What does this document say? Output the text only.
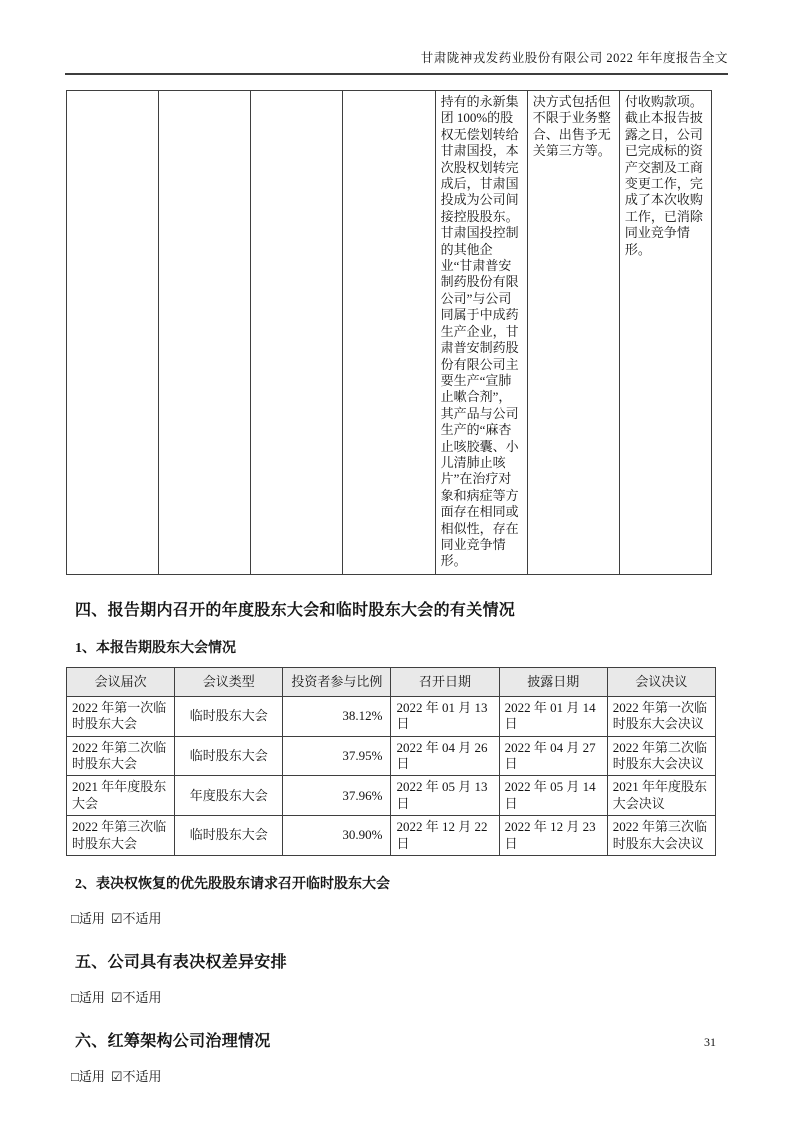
甘肃陇神戎发药业股份有限公司 2022 年年度报告全文
				持有的永新集团 100%的股权无偿划转给甘肃国投，本次股权划转完成后，甘肃国投成为公司间接控股股东。甘肃国投控制的其他企业“甘肃普安制药股份有限公司”与公司同属于中成药生产企业，甘肃普安制药股份有限公司主要生产“宣肺止嗽合剂”，其产品与公司生产的“麻杏止咳胶囊、小儿清肺止咳片”在治疗对象和病症等方面存在相同或相似性，存在同业竞争情形。	决方式包括但不限于业务整合、出售予无关第三方等。	付收购款项。截止本报告披露之日，公司已完成标的资产交割及工商变更工作，完成了本次收购工作，已消除同业竞争情形。
四、报告期内召开的年度股东大会和临时股东大会的有关情况
1、本报告期股东大会情况
会议届次	会议类型	投资者参与比例	召开日期	披露日期	会议决议
2022 年第一次临时股东大会	临时股东大会	38.12%	2022 年 01 月 13 日	2022 年 01 月 14 日	2022 年第一次临时股东大会决议
2022 年第二次临时股东大会	临时股东大会	37.95%	2022 年 04 月 26 日	2022 年 04 月 27 日	2022 年第二次临时股东大会决议
2021 年年度股东大会	年度股东大会	37.96%	2022 年 05 月 13 日	2022 年 05 月 14 日	2021 年年度股东大会决议
2022 年第三次临时股东大会	临时股东大会	30.90%	2022 年 12 月 22 日	2022 年 12 月 23 日	2022 年第三次临时股东大会决议
2、表决权恢复的优先股股东请求召开临时股东大会
□适用 ☑不适用
五、公司具有表决权差异安排
□适用 ☑不适用
六、红筹架构公司治理情况
□适用 ☑不适用
31
